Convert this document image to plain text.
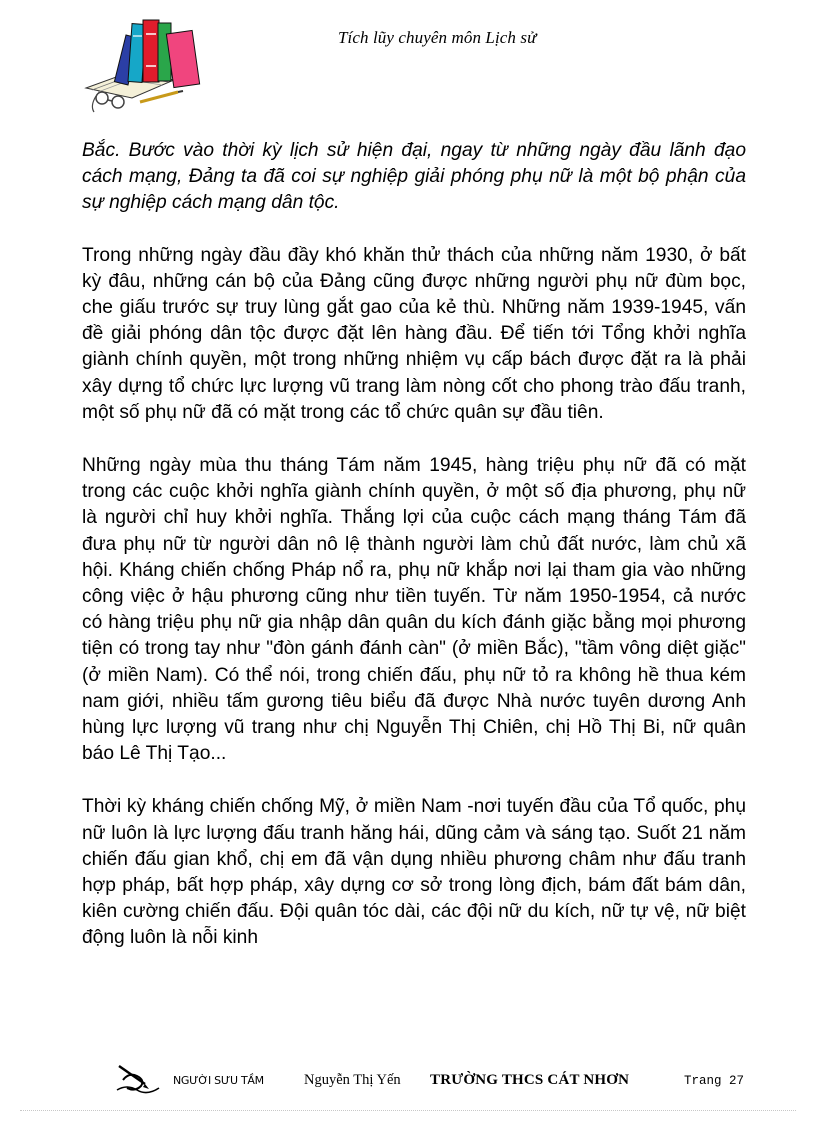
Tích lũy chuyên môn Lịch sử

Bắc. Bước vào thời kỳ lịch sử hiện đại, ngay từ những ngày đầu lãnh đạo cách mạng, Đảng ta đã coi sự nghiệp giải phóng phụ nữ là một bộ phận của sự nghiệp cách mạng dân tộc.

Trong những ngày đầu đầy khó khăn thử thách của những năm 1930, ở bất kỳ đâu, những cán bộ của Đảng cũng được những người phụ nữ đùm bọc, che giấu trước sự truy lùng gắt gao của kẻ thù. Những năm 1939-1945, vấn đề giải phóng dân tộc được đặt lên hàng đầu. Để tiến tới Tổng khởi nghĩa giành chính quyền, một trong những nhiệm vụ cấp bách được đặt ra là phải xây dựng tổ chức lực lượng vũ trang làm nòng cốt cho phong trào đấu tranh, một số phụ nữ đã có mặt trong các tổ chức quân sự đầu tiên.

Những ngày mùa thu tháng Tám năm 1945, hàng triệu phụ nữ đã có mặt trong các cuộc khởi nghĩa giành chính quyền, ở một số địa phương, phụ nữ là người chỉ huy khởi nghĩa. Thắng lợi của cuộc cách mạng tháng Tám đã đưa phụ nữ từ người dân nô lệ thành người làm chủ đất nước, làm chủ xã hội. Kháng chiến chống Pháp nổ ra, phụ nữ khắp nơi lại tham gia vào những công việc ở hậu phương cũng như tiền tuyến. Từ năm 1950-1954, cả nước có hàng triệu phụ nữ gia nhập dân quân du kích đánh giặc bằng mọi phương tiện có trong tay như "đòn gánh đánh càn" (ở miền Bắc), "tầm vông diệt giặc" (ở miền Nam). Có thể nói, trong chiến đấu, phụ nữ tỏ ra không hề thua kém nam giới, nhiều tấm gương tiêu biểu đã được Nhà nước tuyên dương Anh hùng lực lượng vũ trang như chị Nguyễn Thị Chiên, chị Hồ Thị Bi, nữ quân báo Lê Thị Tạo...

Thời kỳ kháng chiến chống Mỹ, ở miền Nam -nơi tuyến đầu của Tổ quốc, phụ nữ luôn là lực lượng đấu tranh hăng hái, dũng cảm và sáng tạo. Suốt 21 năm chiến đấu gian khổ, chị em đã vận dụng nhiều phương châm như đấu tranh hợp pháp, bất hợp pháp, xây dựng cơ sở trong lòng địch, bám đất bám dân, kiên cường chiến đấu. Đội quân tóc dài, các đội nữ du kích, nữ tự vệ, nữ biệt động luôn là nỗi kinh

NGƯỜI SƯU TẦM	Nguyễn Thị Yến TRƯỜNG THCS CÁT NHƠN	Trang 27
